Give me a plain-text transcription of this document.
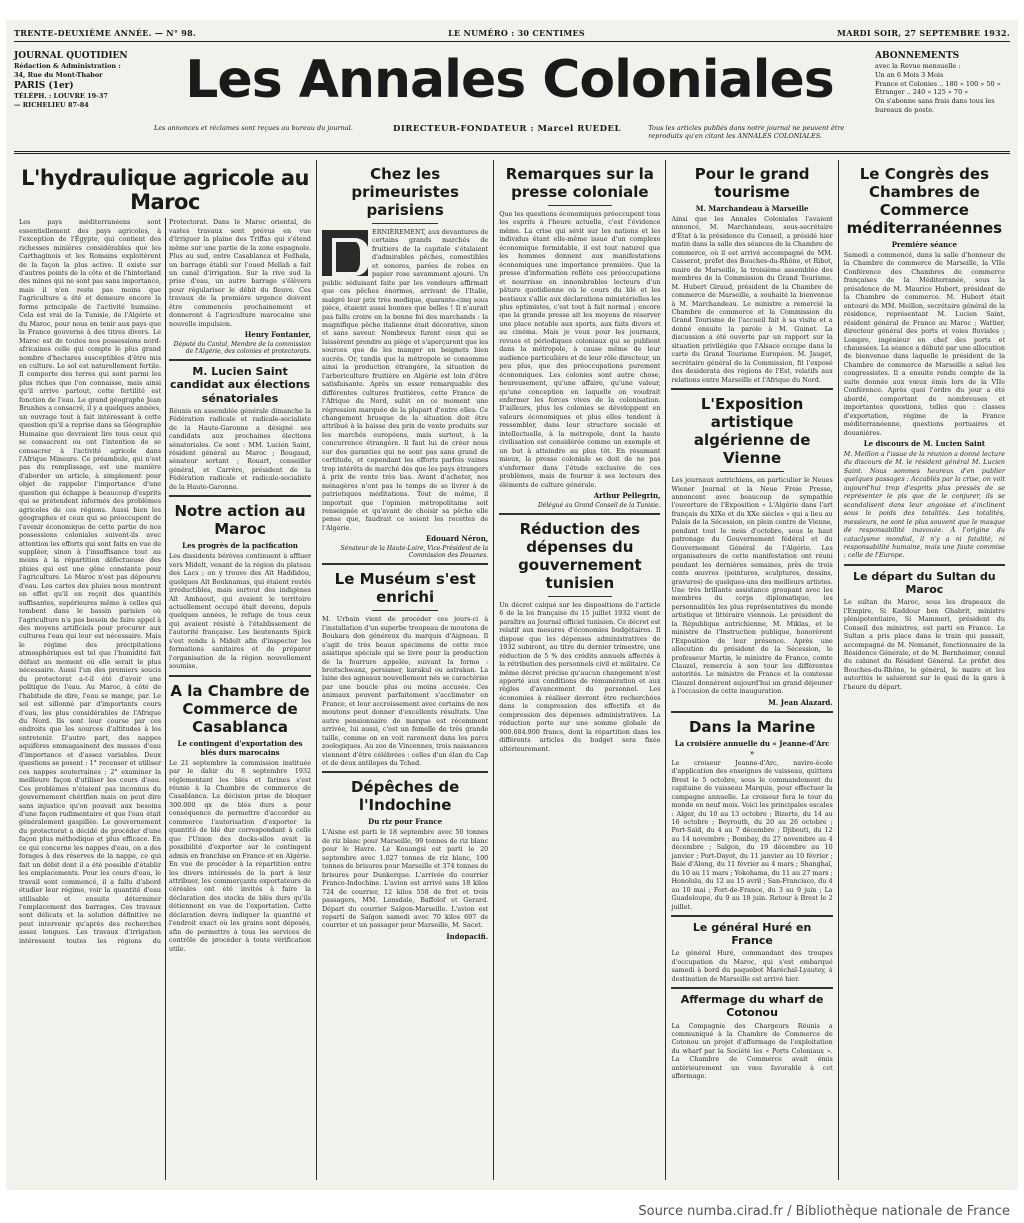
TRENTE-DEUXIÈME ANNÉE. — N° 98.	LE NUMÉRO : 30 CENTIMES	MARDI SOIR, 27 SEPTEMBRE 1932.
JOURNAL QUOTIDIEN
Rédaction & Administration :
34, Rue du Mont-Thabor
PARIS (1er)
TÉLÉPH. : LOUVRE 19-37
— RICHELIEU 87-84	Les Annales Coloniales
Les annonces et réclames sont reçues au bureau du journal.	DIRECTEUR-FONDATEUR : Marcel RUEDEL	Tous les articles publiés dans notre journal ne peuvent être reproduits qu'en citant les ANNALES COLONIALES.
ABONNEMENTS
avec la Revue mensuelle :
Un an 6 Mois 3 Mois
France et Colonies .. 180 » 100 » 50 »
Étranger .. 240 » 125 » 70 »
On s'abonne sans frais dans tous les bureaux de poste.
L'hydraulique agricole au Maroc
Les pays méditerranéens sont essentiellement des pays agricoles, à l'exception de l'Égypte, qui contient des richesses minières considérables que les Carthaginois et les Romains exploitèrent de la façon la plus active. Il existe sur d'autres points de la côte et de l'hinterland des mines qui ne sont pas sans importance, mais il n'en reste pas moins que l'agriculture a été et demeure encore la forme principale de l'activité humaine. Cela est vrai de la Tunisie, de l'Algérie et du Maroc, pour nous en tenir aux pays que la France gouverne à des titres divers. Le Maroc est de toutes nos possessions nord-africaines celle qui compte le plus grand nombre d'hectares susceptibles d'être mis en culture. Le sol est naturellement fertile. Il comporte des terres qui sont parmi les plus riches que l'on connaisse, mais ainsi qu'il arrive partout, cette fertilité est fonction de l'eau. Le grand géographe Jean Brunhes a consacré, il y a quelques années, un ouvrage tout à fait intéressant à cette question qu'il a reprise dans sa Géographie Humaine que devraient lire tous ceux qui se consacrent ou ont l'intention de se consacrer à l'activité agricole dans l'Afrique Mineure. Ce préambule, qui n'est pas du remplissage, est une manière d'aborder un article, à simplement pour objet de rappeler l'importance d'une question qui échappe à beaucoup d'esprits qui se prétendent informés des problèmes agricoles de ces régions. Aussi bien les géographes et ceux qui se préoccupent de l'avenir économique de cette partie de nos possessions coloniales suivent-ils avec attention les efforts qui sont faits en vue de suppléer, sinon à l'insuffisance tout au moins à la répartition défectueuse des pluies qui est une gêne constante pour l'agriculture. Le Maroc n'est pas dépourvu d'eau. Les cartes des pluies nous montrent en effet qu'il en reçoit des quantités suffisantes, supérieures même à celles qui tombent dans le bassin parisien où l'agriculture n'a pas besoin de faire appel à des moyens artificiels pour procurer aux cultures l'eau qui leur est nécessaire. Mais le régime des précipitations atmosphériques est tel que l'humidité fait défaut au moment où elle serait le plus nécessaire. Aussi l'un des premiers soucis du protectorat a-t-il été d'avoir une politique de l'eau. Au Maroc, à côté de l'habitude de dire, l'eau se mange, par. Le sol est sillonné par d'importants cours d'eau, les plus considérables de l'Afrique du Nord. Ils sont leur course par ces endroits que les sources d'altitudes à les entretenir. D'autre part, des nappes aquifères emmagasinent des masses d'eau d'importance et d'assez variables. Deux questions se posent : 1° recenser et utiliser ces nappes souterraines ; 2° examiner la meilleure façon d'utiliser les cours d'eau. Ces problèmes n'étaient pas inconnus du gouvernement chérifien mais on peut dire sans injustice qu'on pouvait aux besoins d'une façon rudimentaire et que l'eau était généralement gaspillée. Le gouvernement du protectorat a décidé de procéder d'une façon plus méthodique et plus efficace. En ce qui concerne les nappes d'eau, on a des forages à des réserves de la nappe, ce qui fait un débit dont il a été possible d'établir les emplacements. Pour les cours d'eau, le travail sont commencé, il a fallu d'abord étudier leur régime, voir la quantité d'eau utilisable et ensuite déterminer l'emplacement des barrages. Ces travaux sont délicats et la solution définitive ne peut intervenir qu'après des recherches assez longues. Les travaux d'irrigation intéressent toutes les régions du Protectorat. Dans le Maroc oriental, de vastes travaux sont prévus en vue d'irriguer la plaine des Triffas qui s'étend même sur une partie de la zone espagnole. Plus au sud, entre Casablanca et Fedhala, un barrage établi sur l'oued Mellah a fait un canal d'irrigation. Sur la rive sud la prise d'eau, un autre barrage s'élèvera pour régulariser le débit du fleuve. Ces travaux de la première urgence doivent être commencés prochainement et donneront à l'agriculture marocaine une nouvelle impulsion.
Henry Fontanier,
Député du Cantal, Membre de la commission de l'Algérie, des colonies et protectorats.
M. Lucien Saint candidat aux élections sénatoriales
Réunis en assemblée générale dimanche la Fédération radicale et radicale-socialiste de la Haute-Garonne a désigné ses candidats aux prochaines élections sénatoriales. Ce sont : MM. Lucien Saint, résident général au Maroc ; Bougaud, sénateur sortant ; Rouart, conseiller général, et Carrère, président de la Fédération radicale et radicale-socialiste de la Haute-Garonne.
Notre action au Maroc
Les progrès de la pacification
Les dissidents bérèves continuent à affluer vers Midelt, venant de la région du plateau des Lacs ; on y trouve des Aït Haddidou, quelques Aït Bouknamas, qui étaient restés irréductibles, mais surtout des indigènes Aït Amhaout, qui avaient le territoire actuellement occupé était devenu, depuis quelques années, le refuge de tous ceux qui avaient résisté à l'établissement de l'autorité française. Les lieutenants Spick s'est rendu à Midelt afin d'inspecter les formations sanitaires et de préparer l'organisation de la région nouvellement soumise.
A la Chambre de Commerce de Casablanca
Le contingent d'exportation des blés durs marocains
Le 21 septembre la commission instituée par le dahir du 8 septembre 1932 réglementant les blés et farines s'est réunie à la Chambre de commerce de Casablanca. La décision prise de bloquer 300.000 qx de blés durs a pour conséquence de permettre d'accorder au commerce l'autorisation d'exporter la quantité de blé dur correspondant à celle que l'Union des docks-silos avait la possibilité d'exporter sur le contingent admis en franchise en France et en Algérie. En vue de procéder à la répartition entre les divers intéressés de la part à leur attribuer, les commerçants exportateurs de céréales ont été invités à faire la déclaration des stocks de blés durs qu'ils détiennent en vue de l'exportation. Cette déclaration devra indiquer la quantité et l'endroit exact où les grains sont déposés, afin de permettre à tous les services de contrôle de procéder à toute vérification utile.
Chez les primeuristes parisiens
ERNIÈREMENT, aux devantures de certains grands marchés de fruitiers de la capitale s'étalaient d'admirables pêches, comestibles et sonores, parées de robes en papier rose savamment ajouré. Un public séduisant faite par les vendeurs affirmait que ces pêches énormes, arrivant de l'Italie, malgré leur prix très modique, quarante-cinq sous pièce, étaient aussi bonnes que belles ! Il n'aurait pas fallu croire en la bonne foi des marchands : la magnifique pêche italienne était décorative, sinon et sans saveur. Nombreux furent ceux qui se laissèrent prendre au piège et s'aperçurent que les sources que de les manger en beignets bien sucrés. Or, tandis que la métropole se consomme ainsi la production étrangère, la situation de l'arboriculture fruitière en Algérie est loin d'être satisfaisante. Après un essor remarquable des différentes cultures fruitières, cette France de l'Afrique du Nord, subit en ce moment une régression marquée de la plupart d'entre elles. Ce changement brusque de la situation doit être attribué à la baisse des prix de vente produits sur les marchés européens, mais surtout, à la concurrence étrangère. Il faut lui de créer nous sur des garanties qui ne sont pas sans grand de certitude, et cependant les efforts parfois vaines trop intérêts de marché dès que les pays étrangers à prix de vente très bas. Avant d'acheter, nos ménagères n'ont pas le temps de se livrer à de patriotiques méditations. Tout de même, il importait que l'opinion métropolitaine soit renseignée et qu'avant de choisir sa pêche elle pense que, faudrait ce soient les recettes de l'Algérie.
Edouard Néron,
Sénateur de la Haute-Loire, Vice-Président de la Commission des Douanes.
Le Muséum s'est enrichi
M. Urbain vient de procéder ces jours-ci à l'installation d'un superbe troupeau de moutons de Boukara don généreux du marquis d'Aigneau. Il s'agit de très beaux spécimens de cette race asiatique spéciale qui se livre pour la production de la fourrure appelée, suivant la forme : breitschwanz, persianer, karakul ou astrakan. La laine des agneaux nouvellement nés se caractérise par une boucle plus ou moins accusée. Ces animaux peuvent parfaitement s'acclimater en France, et leur accroissement avec certains de nos moutons peut donner d'excellents résultats. Une autre pensionnaire de marque est récemment arrivée, lui aussi, c'est un femelle de très grande taille, comme on en voit rarement dans les parcs zoologiques. Au zoo de Vincennes, trois naissances viennent d'être célébrées : celles d'un élan du Cap et de deux antilopes du Tchad.
Dépêches de l'Indochine
Du riz pour France
L'Aisne est parti le 18 septembre avec 50 tonnes de riz blanc pour Marseille, 99 tonnes de riz blanc pour le Havre. Le Kouangsi est parti le 20 septembre avec 1.027 tonnes de riz blanc, 100 tonnes de brisures pour Marseille et 374 tonnes de brisures pour Dunkerque. L'arrivée du courrier France-Indochine. L'avion est arrivé sans 18 kilos 724 de courrier, 12 kilos 558 de fret et trois passagers, MM. Lonsdale, Baffolof et Gerard. Départ du courrier Saïgon-Marseille. L'avion est reparti de Saïgon samedi avec 70 kilos 697 de courrier et un passager pour Marseille, M. Sacet.
Indopacifi.
Remarques sur la presse coloniale
Que les questions économiques préoccupent tous les esprits à l'heure actuelle, c'est l'évidence même. La crise qui sévit sur les nations et les individus étant elle-même issue d'un complexe économique formidable, il est tout naturel que les hommes donnent aux manifestations économiques une importance première. Que la presse d'information reflète ces préoccupations et nourrisse en innombrables lecteurs d'un pâture quotidienne où le cours du blé et les bestiaux s'allie aux déclarations ministérielles les plus optimistes, c'est tout à fait normal ; encore que la grande presse ait les moyens de réserver une place notable aux sports, aux faits divers et au cinéma. Mais je veux pour les journaux, revues et périodiques coloniaux qui se publient dans la métropole, à cause même de leur audience particulière et de leur rôle directeur, un peu plus, que des préoccupations purement économiques. Les colonies sont autre chose, heureusement, qu'une affaire, qu'une valeur, qu'une conception en laquelle on voudrait enfermer les forces vives de la colonisation. D'ailleurs, plus les colonies se développent en valeurs économiques et plus elles tendent à ressembler, dans leur structure sociale et intellectuelle, à la métropole, dont la haute civilisation est considérée comme un exemple et un but à atteindre au plus tôt. En résumant mieux, la presse coloniale se doit de ne pas s'enfermer dans l'étude exclusive de ces problèmes, mais de fournir à ses lecteurs des éléments de culture générale.
Arthur Pellegrin,
Délégué au Grand Conseil de la Tunisie.
Réduction des dépenses du gouvernement tunisien
Un décret calqué sur les dispositions de l'article 6 de la loi française du 15 juillet 1932 vient de paraître au Journal officiel tunisien. Ce décret est relatif aux mesures d'économies budgétaires. Il dispose que les dépenses administratives de 1932 subiront, au titre du dernier trimestre, une réduction de 5 % des crédits annuels affectés à la rétribution des personnels civil et militaire. Ce même décret précise qu'aucun changement n'est apporté aux conditions de rémunération et aux règles d'avancement du personnel. Les économies à réaliser devront être recherchées dans le compression des effectifs et de compression des dépenses administratives. La réduction porte sur une somme globale de 900.684.900 francs, dont la répartition dans les différents articles du budget sera fixée ultérieurement.
Pour le grand tourisme
M. Marchandeau à Marseille
Ainsi que les Annales Coloniales l'avaient annoncé, M. Marchandeau, sous-secrétaire d'État à la présidence du Conseil, a présidé hier matin dans la salle des séances de la Chambre de commerce, où il est arrivé accompagné de MM. Casserot, préfet des Bouches-du-Rhône, et Ribot, maire de Marseille, la troisième assemblée des membres de la Commission du Grand Tourisme. M. Hubert Giraud, président de la Chambre de commerce de Marseille, a souhaité la bienvenue à M. Marchandeau. Le ministre a remercié la Chambre de commerce et la Commission du Grand Tourisme de l'accueil fait à sa visite et a donné ensuite la parole à M. Guinet. La discussion a été ouverte par un rapport sur la situation privilégiée que l'Alsace occupe dans la carte du Grand Tourisme Européen. M. Jauget, secrétaire général de la Commission, fit l'exposé des desiderata des régions de l'Est, relatifs aux relations entre Marseille et l'Afrique du Nord.
L'Exposition artistique algérienne de Vienne
Les journaux autrichiens, en particulier le Neues Wiener Journal et la Neue Freie Presse, annoncent avec beaucoup de sympathie l'ouverture de l'Exposition « L'Algérie dans l'art français du XIXe et du XXe siècles » qui a lieu au Palais de la Sécession, en plein centre de Vienne, pendant tout le mois d'octobre, sous le haut patronage du Gouvernement fédéral et du Gouvernement Général de l'Algérie. Les organisateurs de cette manifestation ont réuni pendant les dernières semaines, près de trois cents œuvres (peintures, sculptures, dessins, gravures) de quelques-uns des meilleurs artistes. Une très brillante assistance groupant avec les membres du corps diplomatique, les personnalités les plus représentatives du monde artistique et littéraire viennois. Le président de la République autrichienne, M. Miklas, et le ministre de l'Instruction publique, honorèrent l'Exposition de leur présence. Après une allocution du président de la Sécession, le professeur Martin, le ministre de France, comte Clauzel, remercia à son tour les différentes autorités. Le ministre de France et la comtesse Clauzel donnèrent aujourd'hui un grand déjeuner à l'occasion de cette inauguration.
M. Jean Alazard.
Dans la Marine
La croisière annuelle du « Jeanne-d'Arc »
Le croiseur Jeanne-d'Arc, navire-école d'application des enseignes de vaisseau, quittera Brest le 5 octobre, sous le commandement du capitaine de vaisseau Marquis, pour effectuer la campagne annuelle. Le croiseur fera le tour du monde en neuf mois. Voici les principales escales : Alger, du 10 au 13 octobre ; Bizerte, du 14 au 16 octobre ; Beyrouth, du 20 au 26 octobre ; Port-Saïd, du 4 au 7 décembre ; Djibouti, du 12 au 14 novembre ; Bombay, du 27 novembre au 4 décembre ; Saïgon, du 19 décembre au 10 janvier ; Port-Dayot, du 11 janvier au 10 février ; Baie d'Along, du 11 février au 4 mars ; Shanghaï, du 10 au 11 mars ; Yokohama, du 11 au 27 mars ; Honolulu, du 12 au 15 avril ; San-Francisco, du 4 au 10 mai ; Fort-de-France, du 3 au 9 juin ; La Guadeloupe, du 9 au 18 juin. Retour à Brest le 2 juillet.
Le général Huré en France
Le général Huré, commandant des troupes d'occupation du Maroc, qui s'est embarqué samedi à bord du paquebot Maréchal-Lyautey, à destination de Marseille est arrivé hier.
Affermage du wharf de Cotonou
La Compagnie des Chargeurs Réunis a communiqué à la Chambre de Commerce de Cotonou un projet d'affermage de l'exploitation du wharf par la Société les « Ports Coloniaux ». La Chambre de Commerce avait émis antérieurement un vœu favorable à cet affermage.
Le Congrès des Chambres de Commerce méditerranéennes
Première séance
Samedi a commencé, dans la salle d'honneur de la Chambre de commerce de Marseille, la VIIe Conférence des Chambres de commerce françaises de la Méditerranée, sous la présidence de M. Maurice Hubert, président de la Chambre de commerce. M. Hubert était entouré de MM. Meillon, secrétaire général de la résidence, représentant M. Lucien Saint, résident général de France au Maroc ; Wattier, directeur général des ports et voies fluviales ; Lompre, ingénieur en chef des ports et chaussées. La séance a débuté par une allocution de bienvenue dans laquelle le président de la Chambre de commerce de Marseille a salué les congressistes. Il a ensuite rendu compte de la suite donnée aux vœux émis lors de la VIIe Conférence. Après quoi l'ordre du jour a été abordé, comportant de nombreuses et importantes questions, telles que : classes d'exportation, régime de la France méditerranéenne, questions portuaires et douanières.
Le discours de M. Lucien Saint
M. Meillon a l'issue de la réunion a donné lecture du discours de M. le résident général M. Lucien Saint. Nous sommes heureux d'en publier quelques passages : Accablés par la crise, on voit aujourd'hui trop d'esprits plus pressés de se représenter le pis que de le conjurer, ils se scandalisent dans leur angoisse et s'inclinent sous le poids des totalités. Les totalités, messieurs, ne sont le plus souvent que le masque de responsabilité inavouée. À l'origine du cataclysme mondial, il n'y a ni fatalité, ni responsabilité humaine, mais une faute commise : celle de l'Europe.
Le départ du Sultan du Maroc
Le sultan du Maroc, sous les drapeaux de l'Empire, Si Kaddour ben Ghabrit, ministre plénipotentiaire, Si Mammeri, président du Conseil des ministres, est parti en France. Le Sultan a pris place dans le train qui passait, accompagné de M. Nomanet, fonctionnaire de la Résidence Générale, et de M. Bernheimer, consul du cabinet du Résident Général. Le préfet des Bouches-du-Rhône, le général, le maire et les autorités le saluèrent sur le quai de la gare à l'heure du départ.
Source numba.cirad.fr / Bibliothèque nationale de France
